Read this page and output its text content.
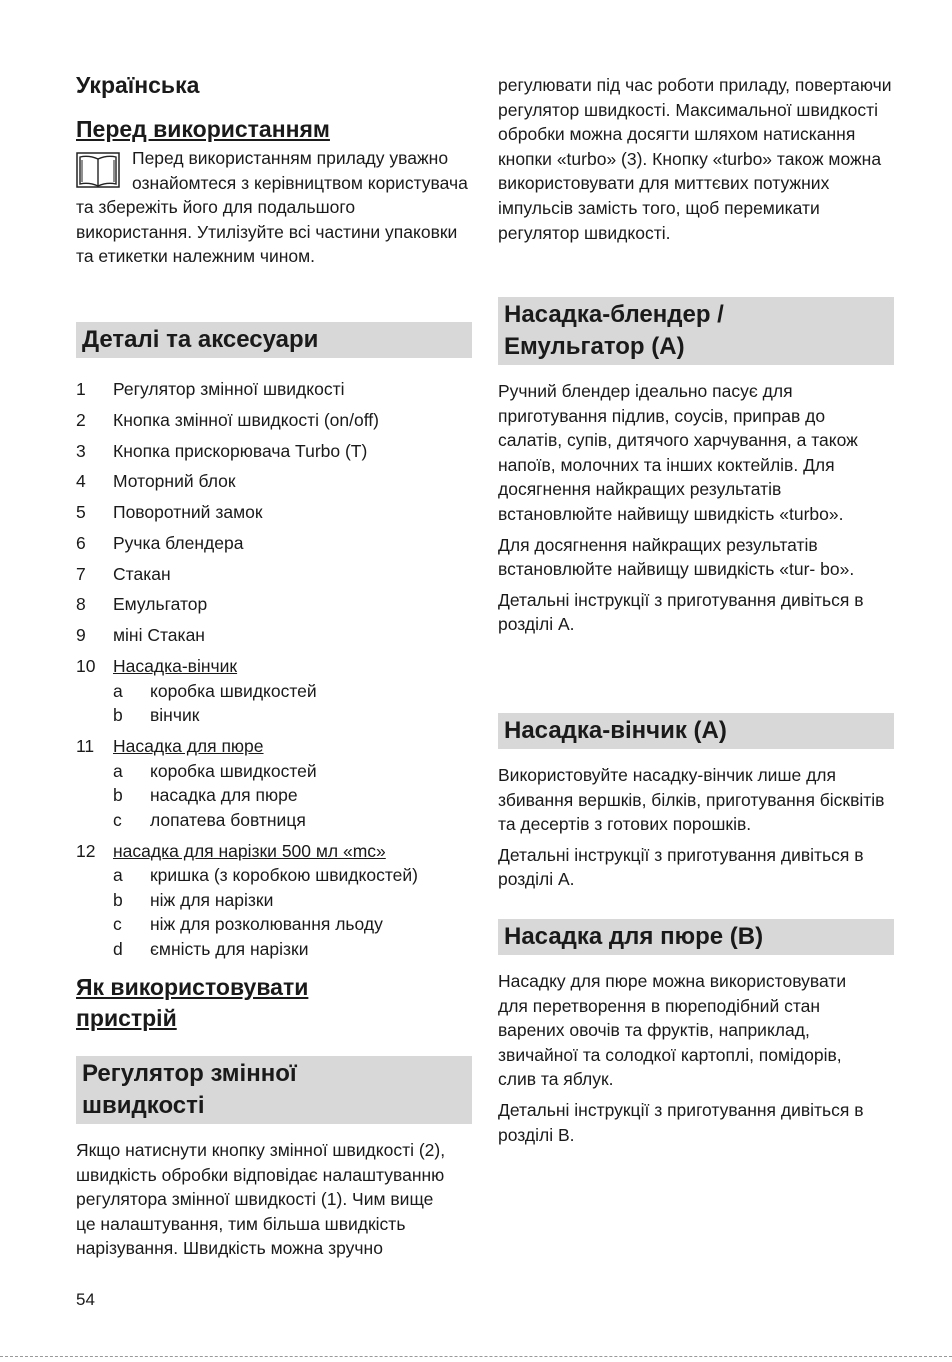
Українська
Перед використанням

Перед використанням приладу уважно ознайомтеся з керівництвом користувача та збережіть його для подальшого використання. Утилізуйте всі частини упаковки та етикетки належним чином.

Деталі та аксесуари
1	Регулятор змінної швидкості
2	Кнопка змінної швидкості (on/off)
3	Кнопка прискорювача Turbo (T)
4	Моторний блок
5	Поворотний замок
6	Ручка блендера
7	Стакан
8	Емульгатор
9	міні Стакан
10	Насадка-вінчик
a	коробка швидкостей
b	вінчик
11	Насадка для пюре
a	коробка швидкостей
b	насадка для пюре
c	лопатева бовтниця
12	насадка для нарізки 500 мл «mc»
a	кришка (з коробкою швидкостей)
b	ніж для нарізки
c	ніж для розколювання льоду
d	ємність для нарізки
Як використовувати
пристрій
Регулятор змінної
швидкості

Якщо натиснути кнопку змінної швидкості (2), швидкість обробки відповідає налаштуванню регулятора змінної швидкості (1). Чим вище це налаштування, тим більша швидкість нарізування. Швидкість можна зручно

54

регулювати під час роботи приладу, повертаючи регулятор швидкості. Максимальної швидкості обробки можна досягти шляхом натискання кнопки «turbo» (3). Кнопку «turbo» також можна використовувати для миттєвих потужних імпульсів замість того, щоб перемикати регулятор швидкості.

Насадка-блендер /
Емульгатор (A)

Ручний блендер ідеально пасує для приготування підлив, соусів, приправ до салатів, супів, дитячого харчування, а також напоїв, молочних та інших коктейлів. Для досягнення найкращих результатів встановлюйте найвищу швидкість «turbo».

Для досягнення найкращих результатів встановлюйте найвищу швидкість «tur- bo».

Детальні інструкції з приготування дивіться в розділі A.

Насадка-вінчик (A)

Використовуйте насадку-вінчик лише для збивання вершків, білків, приготування бісквітів та десертів з готових порошків.

Детальні інструкції з приготування дивіться в розділі A.

Насадка для пюре (B)

Насадку для пюре можна використовувати для перетворення в пюреподібний стан варених овочів та фруктів, наприклад, звичайної та солодкої картоплі, помідорів, слив та яблук.

Детальні інструкції з приготування дивіться в розділі B.
